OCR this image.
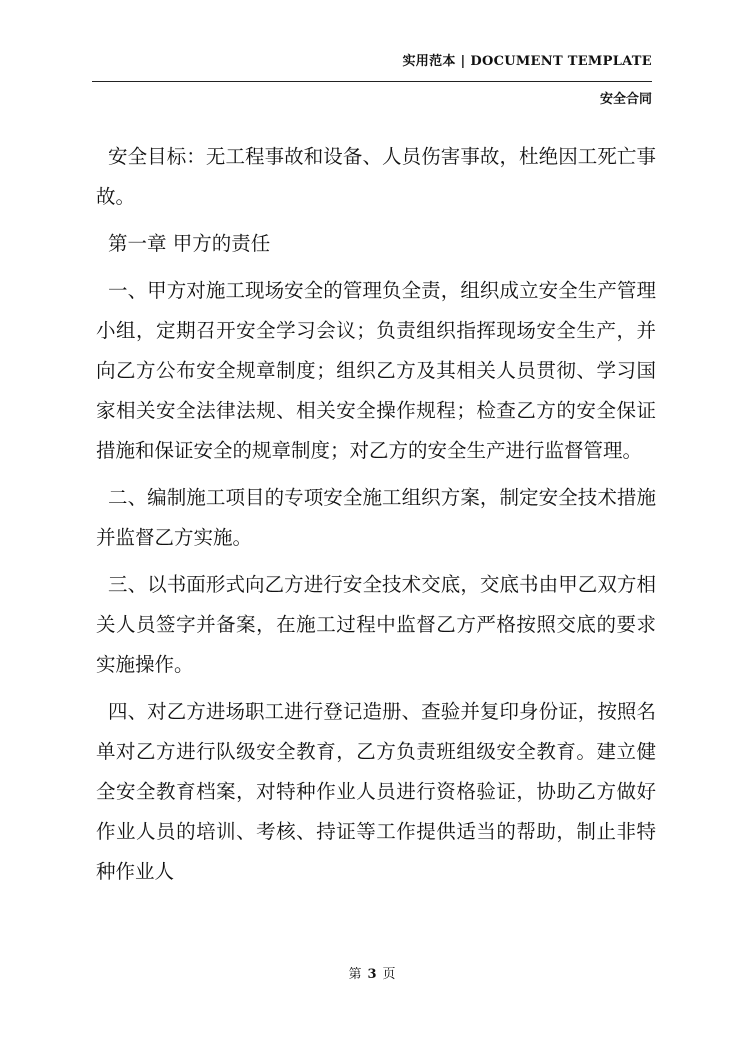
实用范本 | DOCUMENT TEMPLATE
安全合同

安全目标：无工程事故和设备、人员伤害事故，杜绝因工死亡事故。

第一章 甲方的责任

一、甲方对施工现场安全的管理负全责，组织成立安全生产管理小组，定期召开安全学习会议；负责组织指挥现场安全生产，并向乙方公布安全规章制度；组织乙方及其相关人员贯彻、学习国家相关安全法律法规、相关安全操作规程；检查乙方的安全保证措施和保证安全的规章制度；对乙方的安全生产进行监督管理。

二、编制施工项目的专项安全施工组织方案，制定安全技术措施并监督乙方实施。

三、以书面形式向乙方进行安全技术交底，交底书由甲乙双方相关人员签字并备案，在施工过程中监督乙方严格按照交底的要求实施操作。

四、对乙方进场职工进行登记造册、查验并复印身份证，按照名单对乙方进行队级安全教育，乙方负责班组级安全教育。建立健全安全教育档案，对特种作业人员进行资格验证，协助乙方做好作业人员的培训、考核、持证等工作提供适当的帮助，制止非特种作业人

第 3 页
